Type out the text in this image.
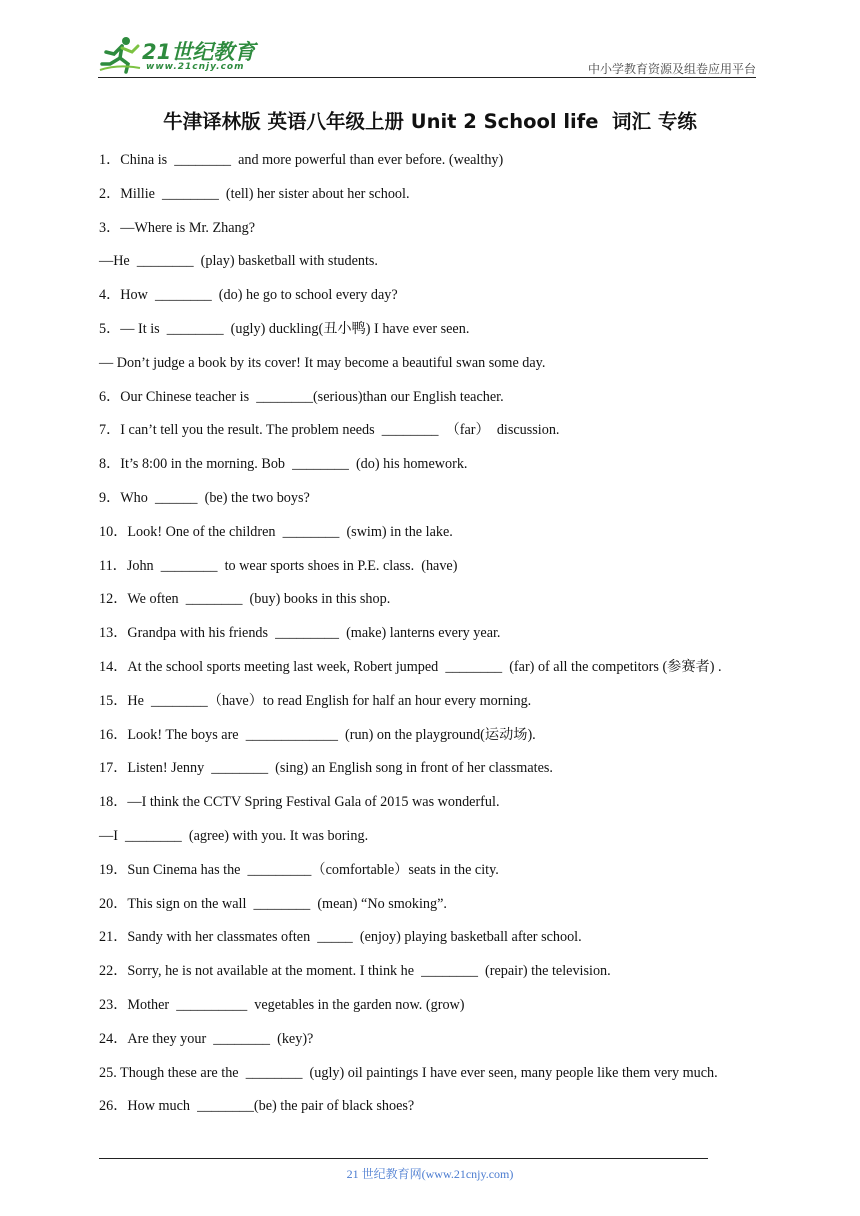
21世纪教育
www.21cnjy.com	中小学教育资源及组卷应用平台
牛津译林版 英语八年级上册 Unit 2 School life  词汇 专练
1．China is  ________  and more powerful than ever before. (wealthy)
2．Millie  ________  (tell) her sister about her school.
3．—Where is Mr. Zhang?
—He  ________  (play) basketball with students.
4．How  ________  (do) he go to school every day?
5．— It is  ________  (ugly) duckling(丑小鸭) I have ever seen.
— Don’t judge a book by its cover! It may become a beautiful swan some day.
6．Our Chinese teacher is  ________(serious)than our English teacher.
7．I can’t tell you the result. The problem needs  ________  （far）  discussion.
8．It’s 8:00 in the morning. Bob  ________  (do) his homework.
9．Who  ______  (be) the two boys?
10．Look! One of the children  ________  (swim) in the lake.
11．John  ________  to wear sports shoes in P.E. class.  (have)
12．We often  ________  (buy) books in this shop.
13．Grandpa with his friends  _________  (make) lanterns every year.
14．At the school sports meeting last week, Robert jumped  ________  (far) of all the competitors (参赛者) .
15．He  ________（have）to read English for half an hour every morning.
16．Look! The boys are  _____________  (run) on the playground(运动场).
17．Listen! Jenny  ________  (sing) an English song in front of her classmates.
18．—I think the CCTV Spring Festival Gala of 2015 was wonderful.
—I  ________  (agree) with you. It was boring.
19．Sun Cinema has the  _________（comfortable）seats in the city.
20．This sign on the wall  ________  (mean) “No smoking”.
21．Sandy with her classmates often  _____  (enjoy) playing basketball after school.
22．Sorry, he is not available at the moment. I think he  ________  (repair) the television.
23．Mother  __________  vegetables in the garden now. (grow)
24．Are they your  ________  (key)?
25. Though these are the  ________  (ugly) oil paintings I have ever seen, many people like them very much.
26．How much  ________(be) the pair of black shoes?
21 世纪教育网(www.21cnjy.com)
